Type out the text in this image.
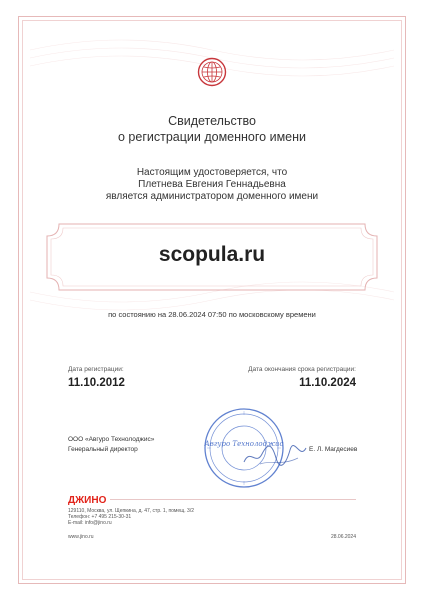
Свидетельство
о регистрации доменного имени
Настоящим удостоверяется, что
Плетнева Евгения Геннадьевна
является администратором доменного имени
scopula.ru
по состоянию на 28.06.2024 07:50 по московскому времени
Дата регистрации:
11.10.2012
Дата окончания срока регистрации:
11.10.2024
ООО «Авгуро Технолоджис»
Генеральный директор	Е. Л. Магдесиев
Авгуро Технолоджис
ДЖИНО
129110, Москва, ул. Щепкина, д. 47, стр. 1, помещ. 3/2
Телефон: +7 495 215-30-31
E-mail: info@jino.ru
www.jino.ru	28.06.2024
